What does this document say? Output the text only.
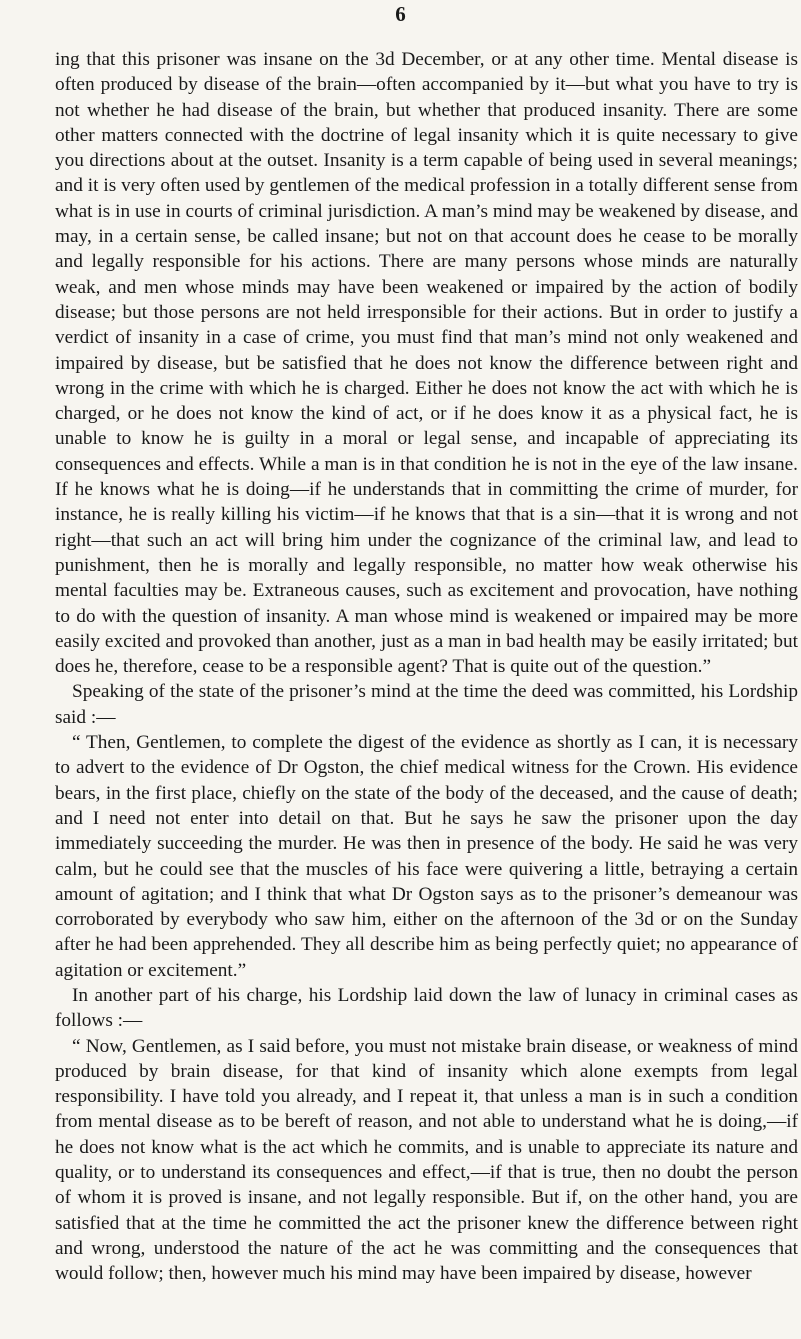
6

ing that this prisoner was insane on the 3d December, or at any other time. Mental disease is often produced by disease of the brain—often accompanied by it—but what you have to try is not whether he had disease of the brain, but whether that produced insanity. There are some other matters connected with the doctrine of legal insanity which it is quite necessary to give you directions about at the outset. Insanity is a term capable of being used in several meanings; and it is very often used by gentlemen of the medical profession in a totally different sense from what is in use in courts of criminal jurisdiction. A man’s mind may be weakened by disease, and may, in a certain sense, be called insane; but not on that account does he cease to be morally and legally responsible for his actions. There are many persons whose minds are naturally weak, and men whose minds may have been weakened or impaired by the action of bodily disease; but those persons are not held irresponsible for their actions. But in order to justify a verdict of insanity in a case of crime, you must find that man’s mind not only weakened and impaired by disease, but be satisfied that he does not know the difference between right and wrong in the crime with which he is charged. Either he does not know the act with which he is charged, or he does not know the kind of act, or if he does know it as a physical fact, he is unable to know he is guilty in a moral or legal sense, and incapable of appreciating its consequences and effects. While a man is in that condition he is not in the eye of the law insane. If he knows what he is doing—if he understands that in committing the crime of murder, for instance, he is really killing his victim—if he knows that that is a sin—that it is wrong and not right—that such an act will bring him under the cognizance of the criminal law, and lead to punishment, then he is morally and legally responsible, no matter how weak otherwise his mental faculties may be. Extraneous causes, such as excitement and provocation, have nothing to do with the question of insanity. A man whose mind is weakened or impaired may be more easily excited and provoked than another, just as a man in bad health may be easily irritated; but does he, therefore, cease to be a responsible agent? That is quite out of the question.”

Speaking of the state of the prisoner’s mind at the time the deed was committed, his Lordship said :—

“ Then, Gentlemen, to complete the digest of the evidence as shortly as I can, it is necessary to advert to the evidence of Dr Ogston, the chief medical witness for the Crown. His evidence bears, in the first place, chiefly on the state of the body of the deceased, and the cause of death; and I need not enter into detail on that. But he says he saw the prisoner upon the day immediately succeeding the murder. He was then in presence of the body. He said he was very calm, but he could see that the muscles of his face were quivering a little, betraying a certain amount of agitation; and I think that what Dr Ogston says as to the prisoner’s demeanour was corroborated by everybody who saw him, either on the afternoon of the 3d or on the Sunday after he had been apprehended. They all describe him as being perfectly quiet; no appearance of agitation or excitement.”

In another part of his charge, his Lordship laid down the law of lunacy in criminal cases as follows :—

“ Now, Gentlemen, as I said before, you must not mistake brain disease, or weakness of mind produced by brain disease, for that kind of insanity which alone exempts from legal responsibility. I have told you already, and I repeat it, that unless a man is in such a condition from mental disease as to be bereft of reason, and not able to understand what he is doing,—if he does not know what is the act which he commits, and is unable to appreciate its nature and quality, or to understand its consequences and effect,—if that is true, then no doubt the person of whom it is proved is insane, and not legally responsible. But if, on the other hand, you are satisfied that at the time he committed the act the prisoner knew the difference between right and wrong, understood the nature of the act he was committing and the consequences that would follow; then, however much his mind may have been impaired by disease, however
